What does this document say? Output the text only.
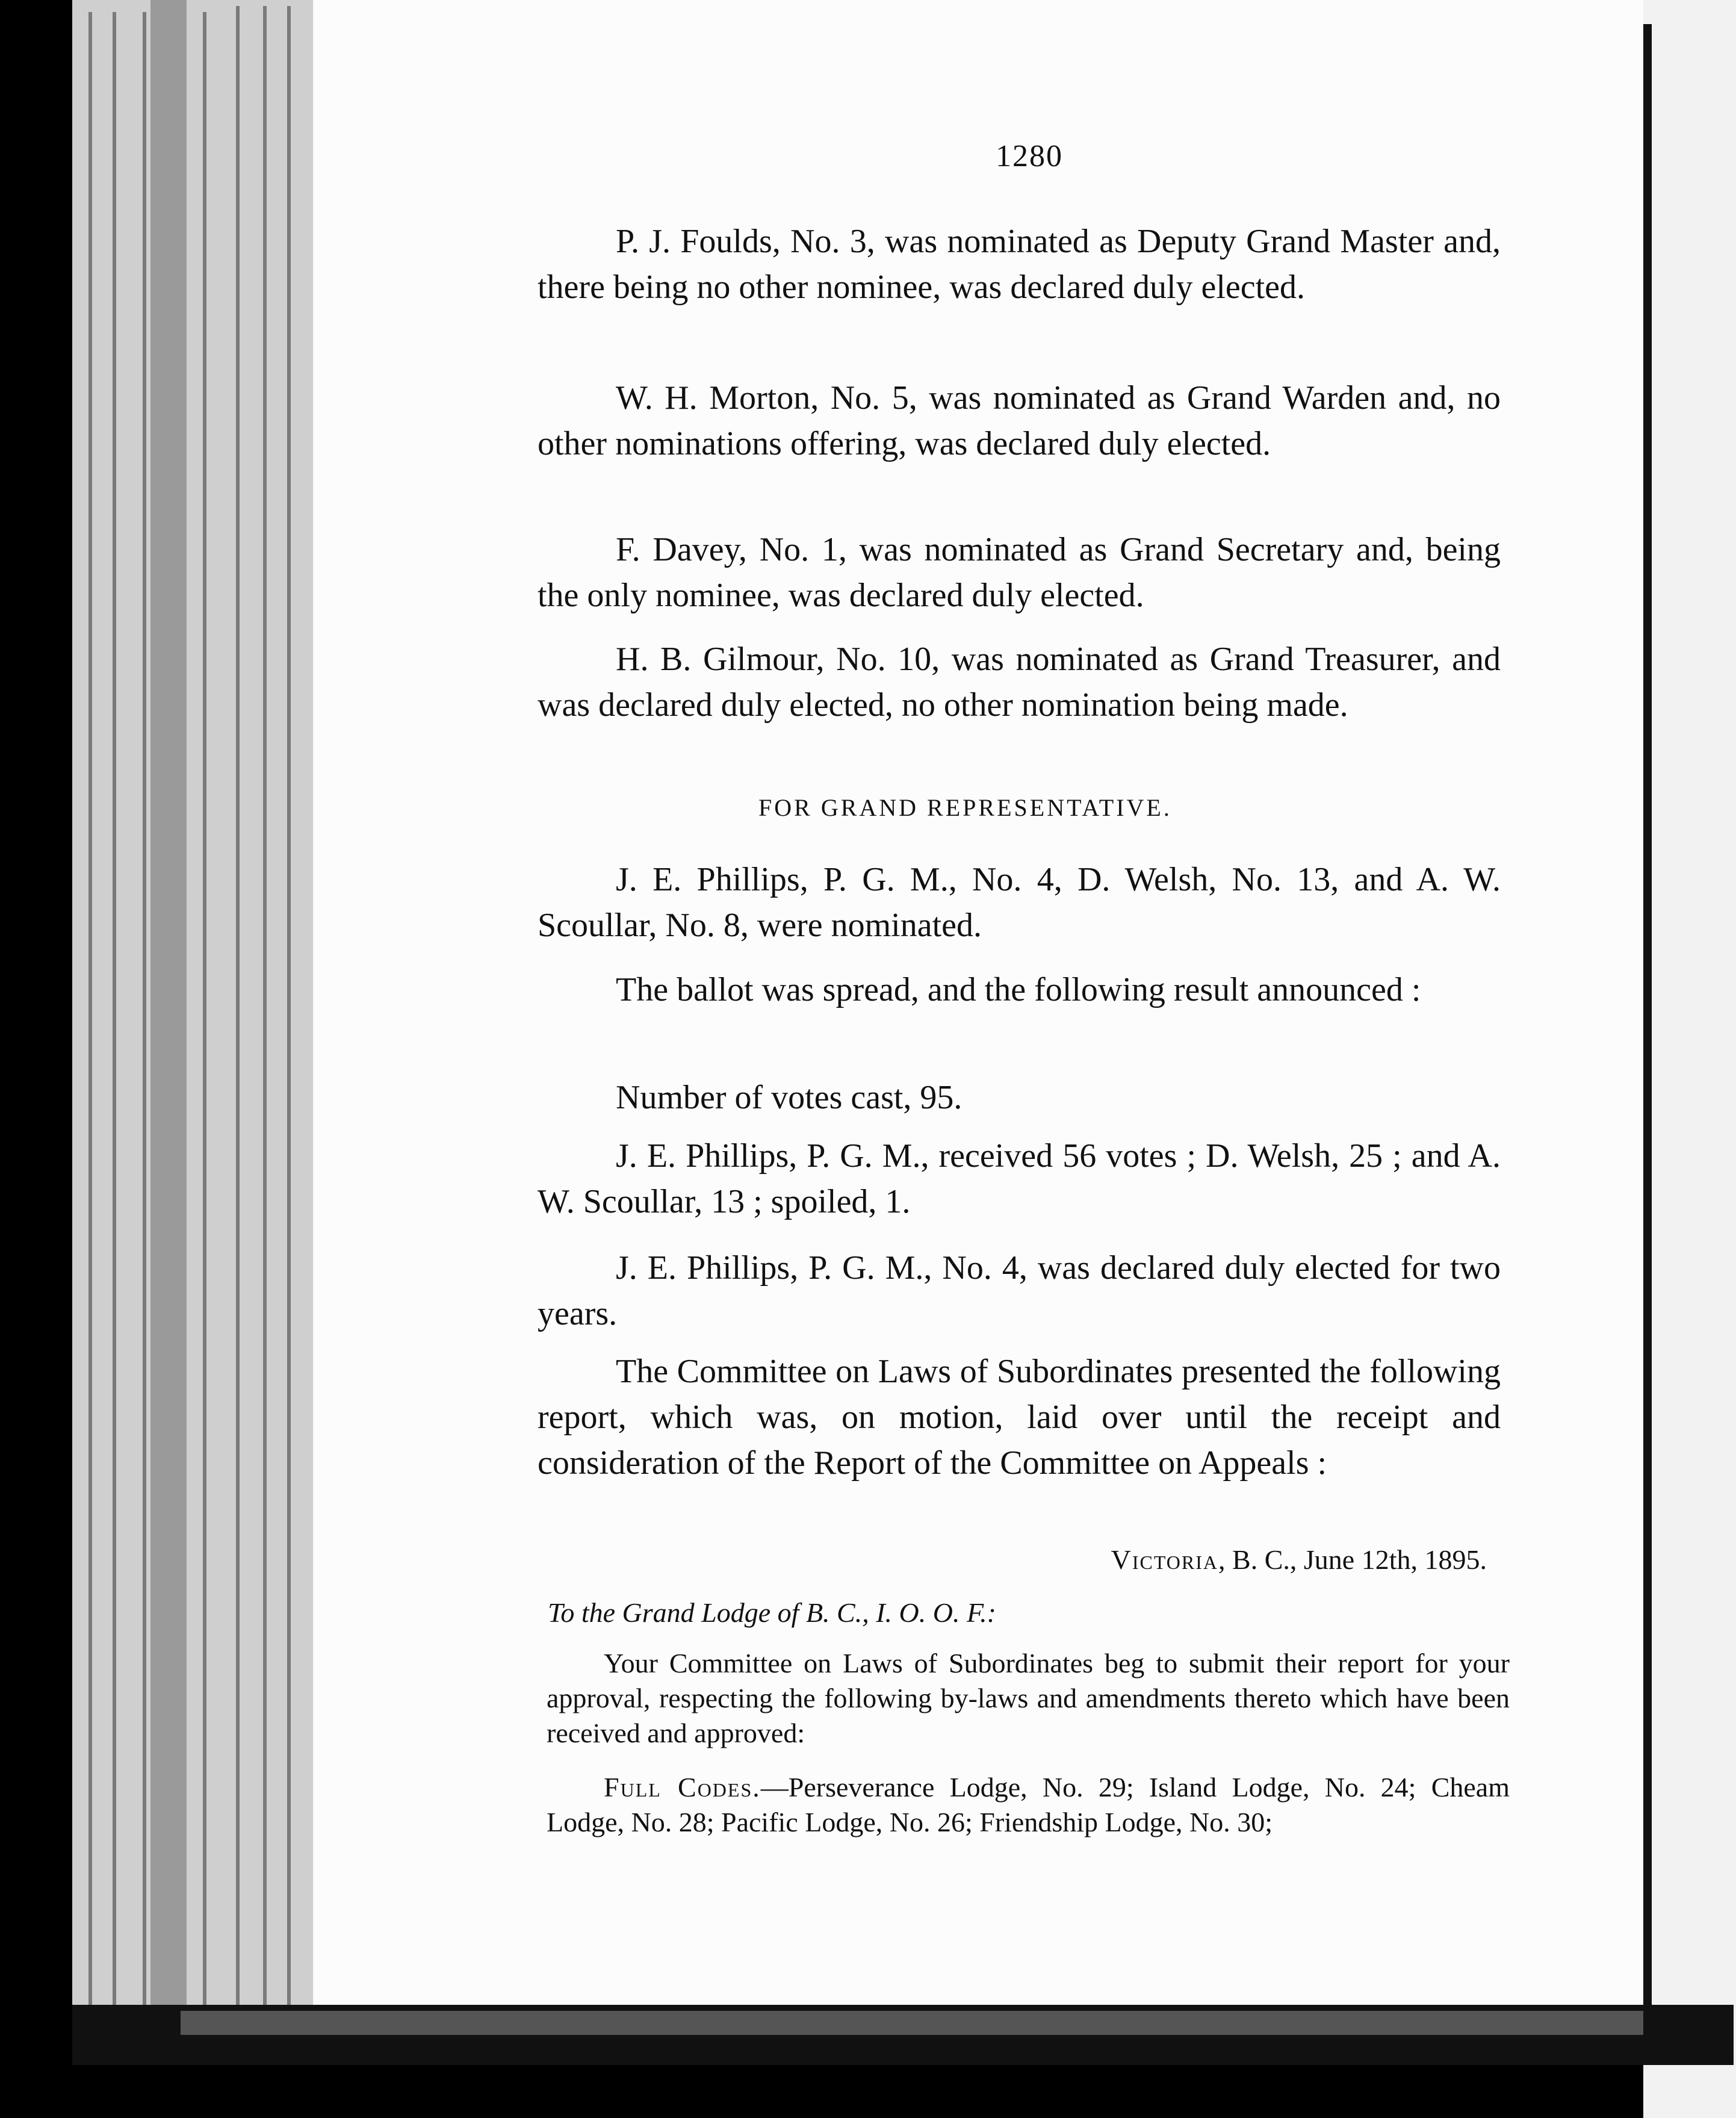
1280

P. J. Foulds, No. 3, was nominated as Deputy Grand Master and, there being no other nominee, was declared duly elected.

W. H. Morton, No. 5, was nominated as Grand Warden and, no other nominations offering, was declared duly elected.

F. Davey, No. 1, was nominated as Grand Secretary and, being the only nominee, was declared duly elected.

H. B. Gilmour, No. 10, was nominated as Grand Treasurer, and was declared duly elected, no other nomination being made.

FOR GRAND REPRESENTATIVE.

J. E. Phillips, P. G. M., No. 4, D. Welsh, No. 13, and A. W. Scoullar, No. 8, were nominated.

The ballot was spread, and the following result announced :

Number of votes cast, 95.

J. E. Phillips, P. G. M., received 56 votes ; D. Welsh, 25 ; and A. W. Scoullar, 13 ; spoiled, 1.

J. E. Phillips, P. G. M., No. 4, was declared duly elected for two years.

The Committee on Laws of Subordinates presented the following report, which was, on motion, laid over until the receipt and consideration of the Report of the Committee on Appeals :

Victoria, B. C., June 12th, 1895.
To the Grand Lodge of B. C., I. O. O. F.:
Your Committee on Laws of Subordinates beg to submit their report for your approval, respecting the following by-laws and amendments thereto which have been received and approved:
Full Codes.—Perseverance Lodge, No. 29; Island Lodge, No. 24; Cheam Lodge, No. 28; Pacific Lodge, No. 26; Friendship Lodge, No. 30;
